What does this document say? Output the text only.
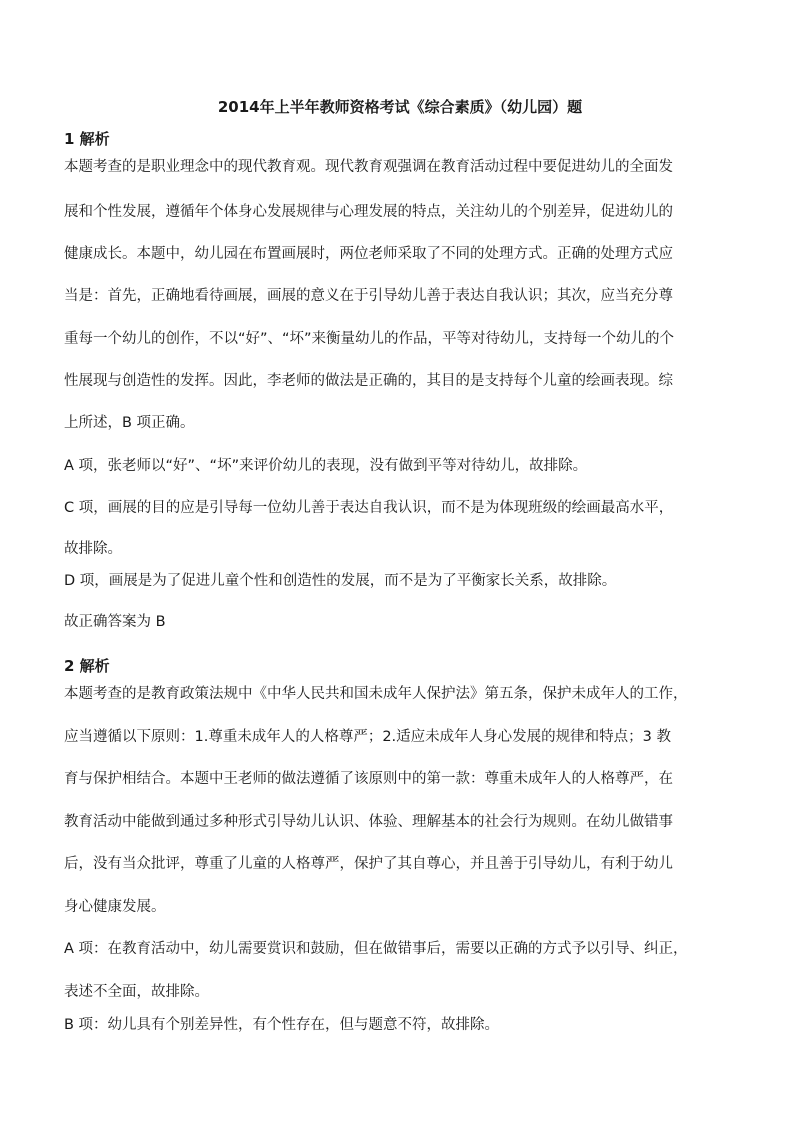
2014年上半年教师资格考试《综合素质》（幼儿园）题
1 解析
本题考查的是职业理念中的现代教育观。现代教育观强调在教育活动过程中要促进幼儿的全面发
展和个性发展，遵循年个体身心发展规律与心理发展的特点，关注幼儿的个别差异，促进幼儿的
健康成长。本题中，幼儿园在布置画展时，两位老师采取了不同的处理方式。正确的处理方式应
当是：首先，正确地看待画展，画展的意义在于引导幼儿善于表达自我认识；其次，应当充分尊
重每一个幼儿的创作，不以“好”、“坏”来衡量幼儿的作品，平等对待幼儿，支持每一个幼儿的个
性展现与创造性的发挥。因此，李老师的做法是正确的，其目的是支持每个儿童的绘画表现。综
上所述，B 项正确。
A 项，张老师以“好”、“坏”来评价幼儿的表现，没有做到平等对待幼儿，故排除。
C 项，画展的目的应是引导每一位幼儿善于表达自我认识，而不是为体现班级的绘画最高水平，
故排除。
D 项，画展是为了促进儿童个性和创造性的发展，而不是为了平衡家长关系，故排除。
故正确答案为 B
2 解析
本题考查的是教育政策法规中《中华人民共和国未成年人保护法》第五条，保护未成年人的工作，
应当遵循以下原则：1.尊重未成年人的人格尊严；2.适应未成年人身心发展的规律和特点；3 教
育与保护相结合。本题中王老师的做法遵循了该原则中的第一款：尊重未成年人的人格尊严，在
教育活动中能做到通过多种形式引导幼儿认识、体验、理解基本的社会行为规则。在幼儿做错事
后，没有当众批评，尊重了儿童的人格尊严，保护了其自尊心，并且善于引导幼儿，有利于幼儿
身心健康发展。
A 项：在教育活动中，幼儿需要赏识和鼓励，但在做错事后，需要以正确的方式予以引导、纠正，
表述不全面，故排除。
B 项：幼儿具有个别差异性，有个性存在，但与题意不符，故排除。
